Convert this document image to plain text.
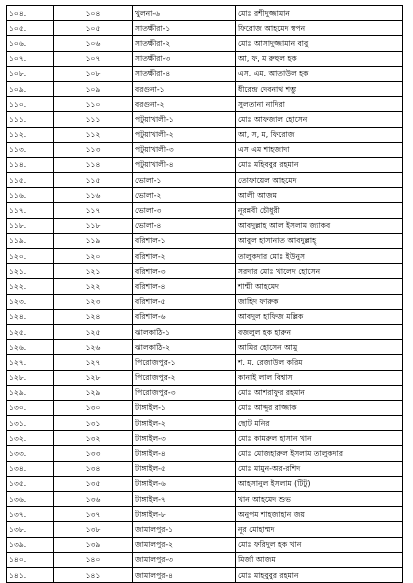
১০৪.	১০৪	খুলনা-৬	মোঃ রশীদুজ্জামান
১০৫.	১০৫	সাতক্ষীরা-১	ফিরোজ আহমেদ স্বপন
১০৬.	১০৬	সাতক্ষীরা-২	মোঃ আসাদুজ্জামান বাবু
১০৭.	১০৭	সাতক্ষীরা-৩	আ, ফ, ম রুহুল হক
১০৮.	১০৮	সাতক্ষীরা-৪	এস. এম. আতাউল হক
১০৯.	১০৯	বরগুনা-১	ধীরেন্দ্র দেবনাথ শম্ভু
১১০.	১১০	বরগুনা-২	সুলতানা নাদিরা
১১১.	১১১	পটুয়াখালী-১	মোঃ আফজাল হোসেন
১১২.	১১২	পটুয়াখালী-২	আ, স, ম, ফিরোজ
১১৩.	১১৩	পটুয়াখালী-৩	এস এম শাহজাদা
১১৪.	১১৪	পটুয়াখালী-৪	মোঃ মহিববুর রহমান
১১৫.	১১৫	ভোলা-১	তোফায়েল আহমেদ
১১৬.	১১৬	ভোলা-২	আলী আজম
১১৭.	১১৭	ভোলা-৩	নূরন্নবী চৌধুরী
১১৮.	১১৮	ভোলা-৪	আবদুল্লাহ আল ইসলাম জ্যাকব
১১৯.	১১৯	বরিশাল-১	আবুল হাসানাত আবদুল্লাহ্‌
১২০.	১২০	বরিশাল-২	তালুকদার মোঃ ইউনুস
১২১.	১২১	বরিশাল-৩	সরদার মোঃ খালেদ হোসেন
১২২.	১২২	বরিশাল-৪	শাম্মী আহমেদ
১২৩.	১২৩	বরিশাল-৫	জাহিদ ফারুক
১২৪.	১২৪	বরিশাল-৬	আবদুল হাফিজ মল্লিক
১২৫.	১২৫	ঝালকাঠি-১	বজলুল হক হারুন
১২৬.	১২৬	ঝালকাঠি-২	আমির হোসেন আমু
১২৭.	১২৭	পিরোজপুর-১	শ. ম. রেজাউল করিম
১২৮.	১২৮	পিরোজপুর-২	কানাই লাল বিশ্বাস
১২৯.	১২৯	পিরোজপুর-৩	মোঃ আশরাফুর রহমান
১৩০.	১৩০	টাঙ্গাইল-১	মোঃ আব্দুর রাজ্জাক
১৩১.	১৩১	টাঙ্গাইল-২	ছোট মনির
১৩২.	১৩২	টাঙ্গাইল-৩	মোঃ কামরুল হাসান খান
১৩৩.	১৩৩	টাঙ্গাইল-৪	মোঃ মোজহারুল ইসলাম তালুকদার
১৩৪.	১৩৪	টাঙ্গাইল-৫	মোঃ মামুন-অর-রশিদ
১৩৫.	১৩৫	টাঙ্গাইল-৬	আহসানুল ইসলাম (টিটু)
১৩৬.	১৩৬	টাঙ্গাইল-৭	খান আহমেদ শুভ
১৩৭.	১৩৭	টাঙ্গাইল-৮	অনুপম শাহজাহান জয়
১৩৮.	১৩৮	জামালপুর-১	নূর মোহাম্মদ
১৩৯.	১৩৯	জামালপুর-২	মোঃ ফরিদুল হক খান
১৪০.	১৪০	জামালপুর-৩	মির্জা আজম
১৪১.	১৪১	জামালপুর-৪	মোঃ মাহবুবুর রহমান
